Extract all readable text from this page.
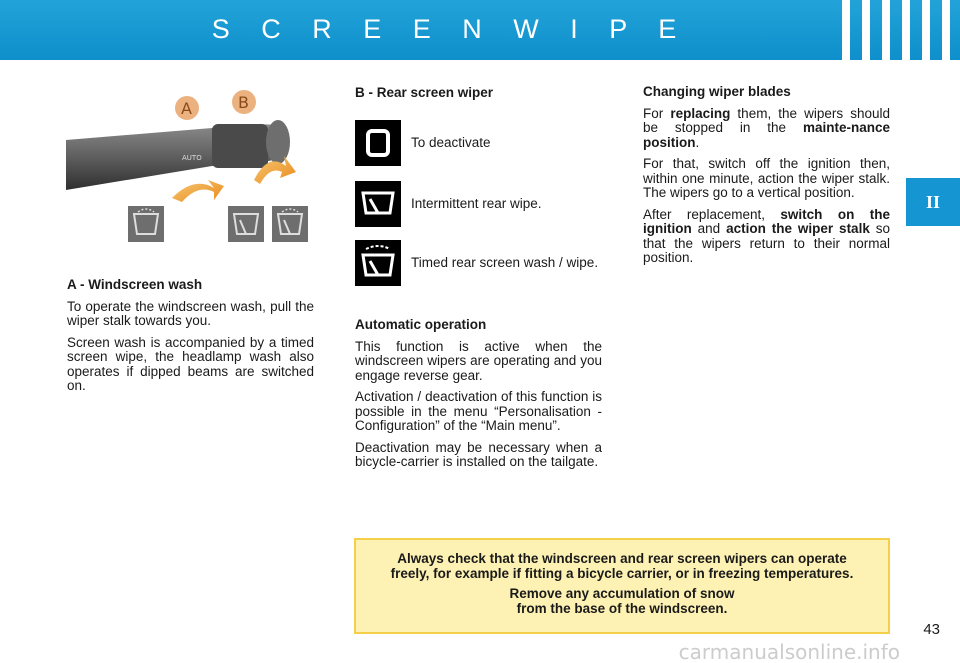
S C R E E N W I P E
II
AUTO
A	B

A - Windscreen wash

To operate the windscreen wash, pull the wiper stalk towards you.

Screen wash is accompanied by a timed screen wipe, the headlamp wash also operates if dipped beams are switched on.

B - Rear screen wiper
To deactivate
Intermittent rear wipe.
Timed rear screen wash / wipe.

Automatic operation

This function is active when the windscreen wipers are operating and you engage reverse gear.

Activation / deactivation of this function is possible in the menu “Personalisation - Configuration” of the “Main menu”.

Deactivation may be necessary when a bicycle-carrier is installed on the tailgate.

Changing wiper blades

For replacing them, the wipers should be stopped in the mainte-nance position.

For that, switch off the ignition then, within one minute, action the wiper stalk. The wipers go to a vertical position.

After replacement, switch on the ignition and action the wiper stalk so that the wipers return to their normal position.

Always check that the windscreen and rear screen wipers can operate freely, for example if fitting a bicycle carrier, or in freezing temperatures.

Remove any accumulation of snow from the base of the windscreen.

43
carmanualsonline.info
